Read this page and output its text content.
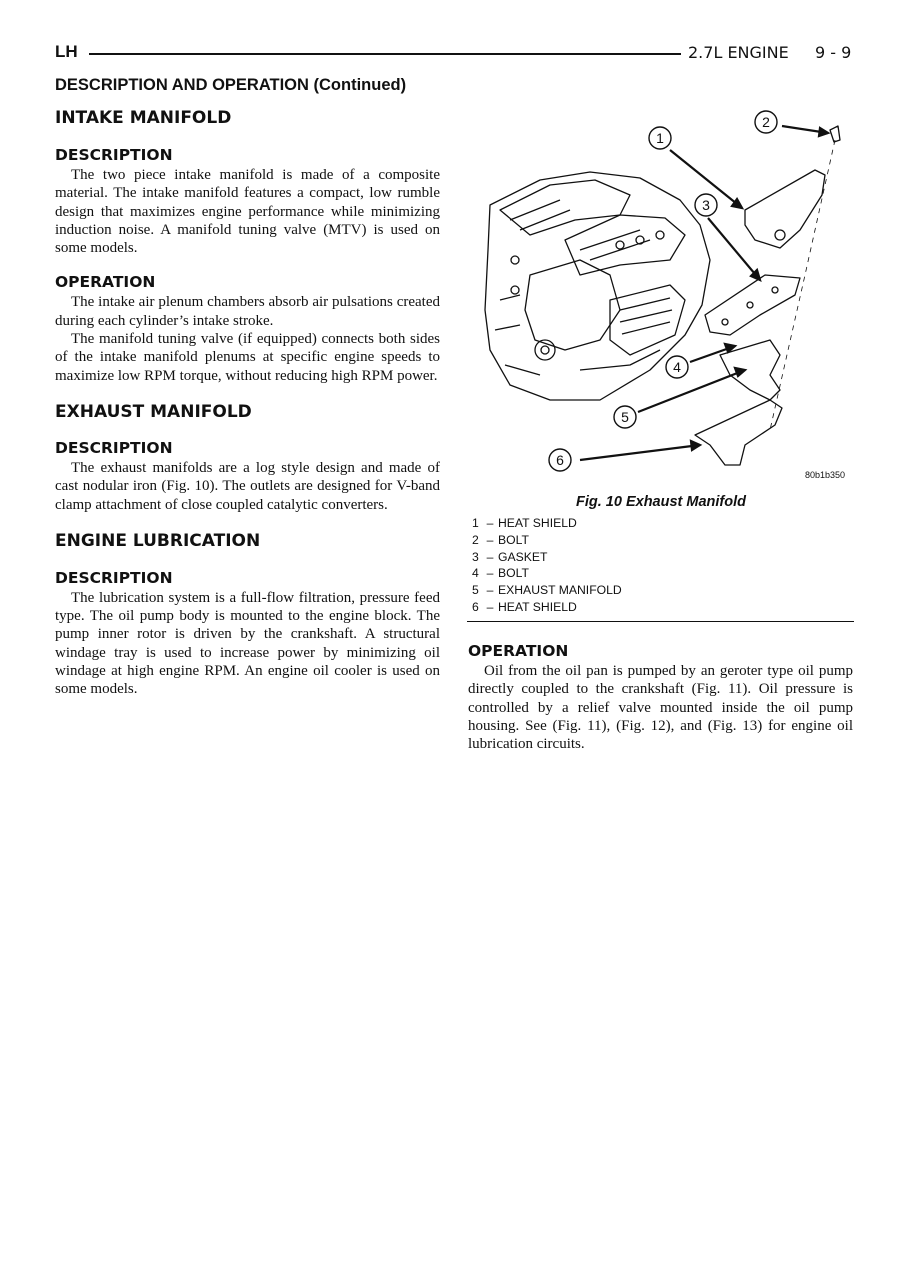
LH	2.7L ENGINE 9 - 9
DESCRIPTION AND OPERATION (Continued)
INTAKE MANIFOLD
DESCRIPTION

The two piece intake manifold is made of a composite material. The intake manifold features a compact, low rumble design that maximizes engine performance while minimizing induction noise. A manifold tuning valve (MTV) is used on some models.

OPERATION

The intake air plenum chambers absorb air pulsations created during each cylinder’s intake stroke.

The manifold tuning valve (if equipped) connects both sides of the intake manifold plenums at specific engine speeds to maximize low RPM torque, without reducing high RPM power.

EXHAUST MANIFOLD
DESCRIPTION

The exhaust manifolds are a log style design and made of cast nodular iron (Fig. 10). The outlets are designed for V-band clamp attachment of close coupled catalytic converters.

ENGINE LUBRICATION
DESCRIPTION

The lubrication system is a full-flow filtration, pressure feed type. The oil pump body is mounted to the engine block. The pump inner rotor is driven by the crankshaft. A structural windage tray is used to increase power by minimizing oil windage at high engine RPM. An engine oil cooler is used on some models.

1
2
3
4
5
6
80b1b350
Fig. 10 Exhaust Manifold
1 – HEAT SHIELD
2 – BOLT
3 – GASKET
4 – BOLT
5 – EXHAUST MANIFOLD
6 – HEAT SHIELD
OPERATION

Oil from the oil pan is pumped by an geroter type oil pump directly coupled to the crankshaft (Fig. 11). Oil pressure is controlled by a relief valve mounted inside the oil pump housing. See (Fig. 11), (Fig. 12), and (Fig. 13) for engine oil lubrication circuits.
